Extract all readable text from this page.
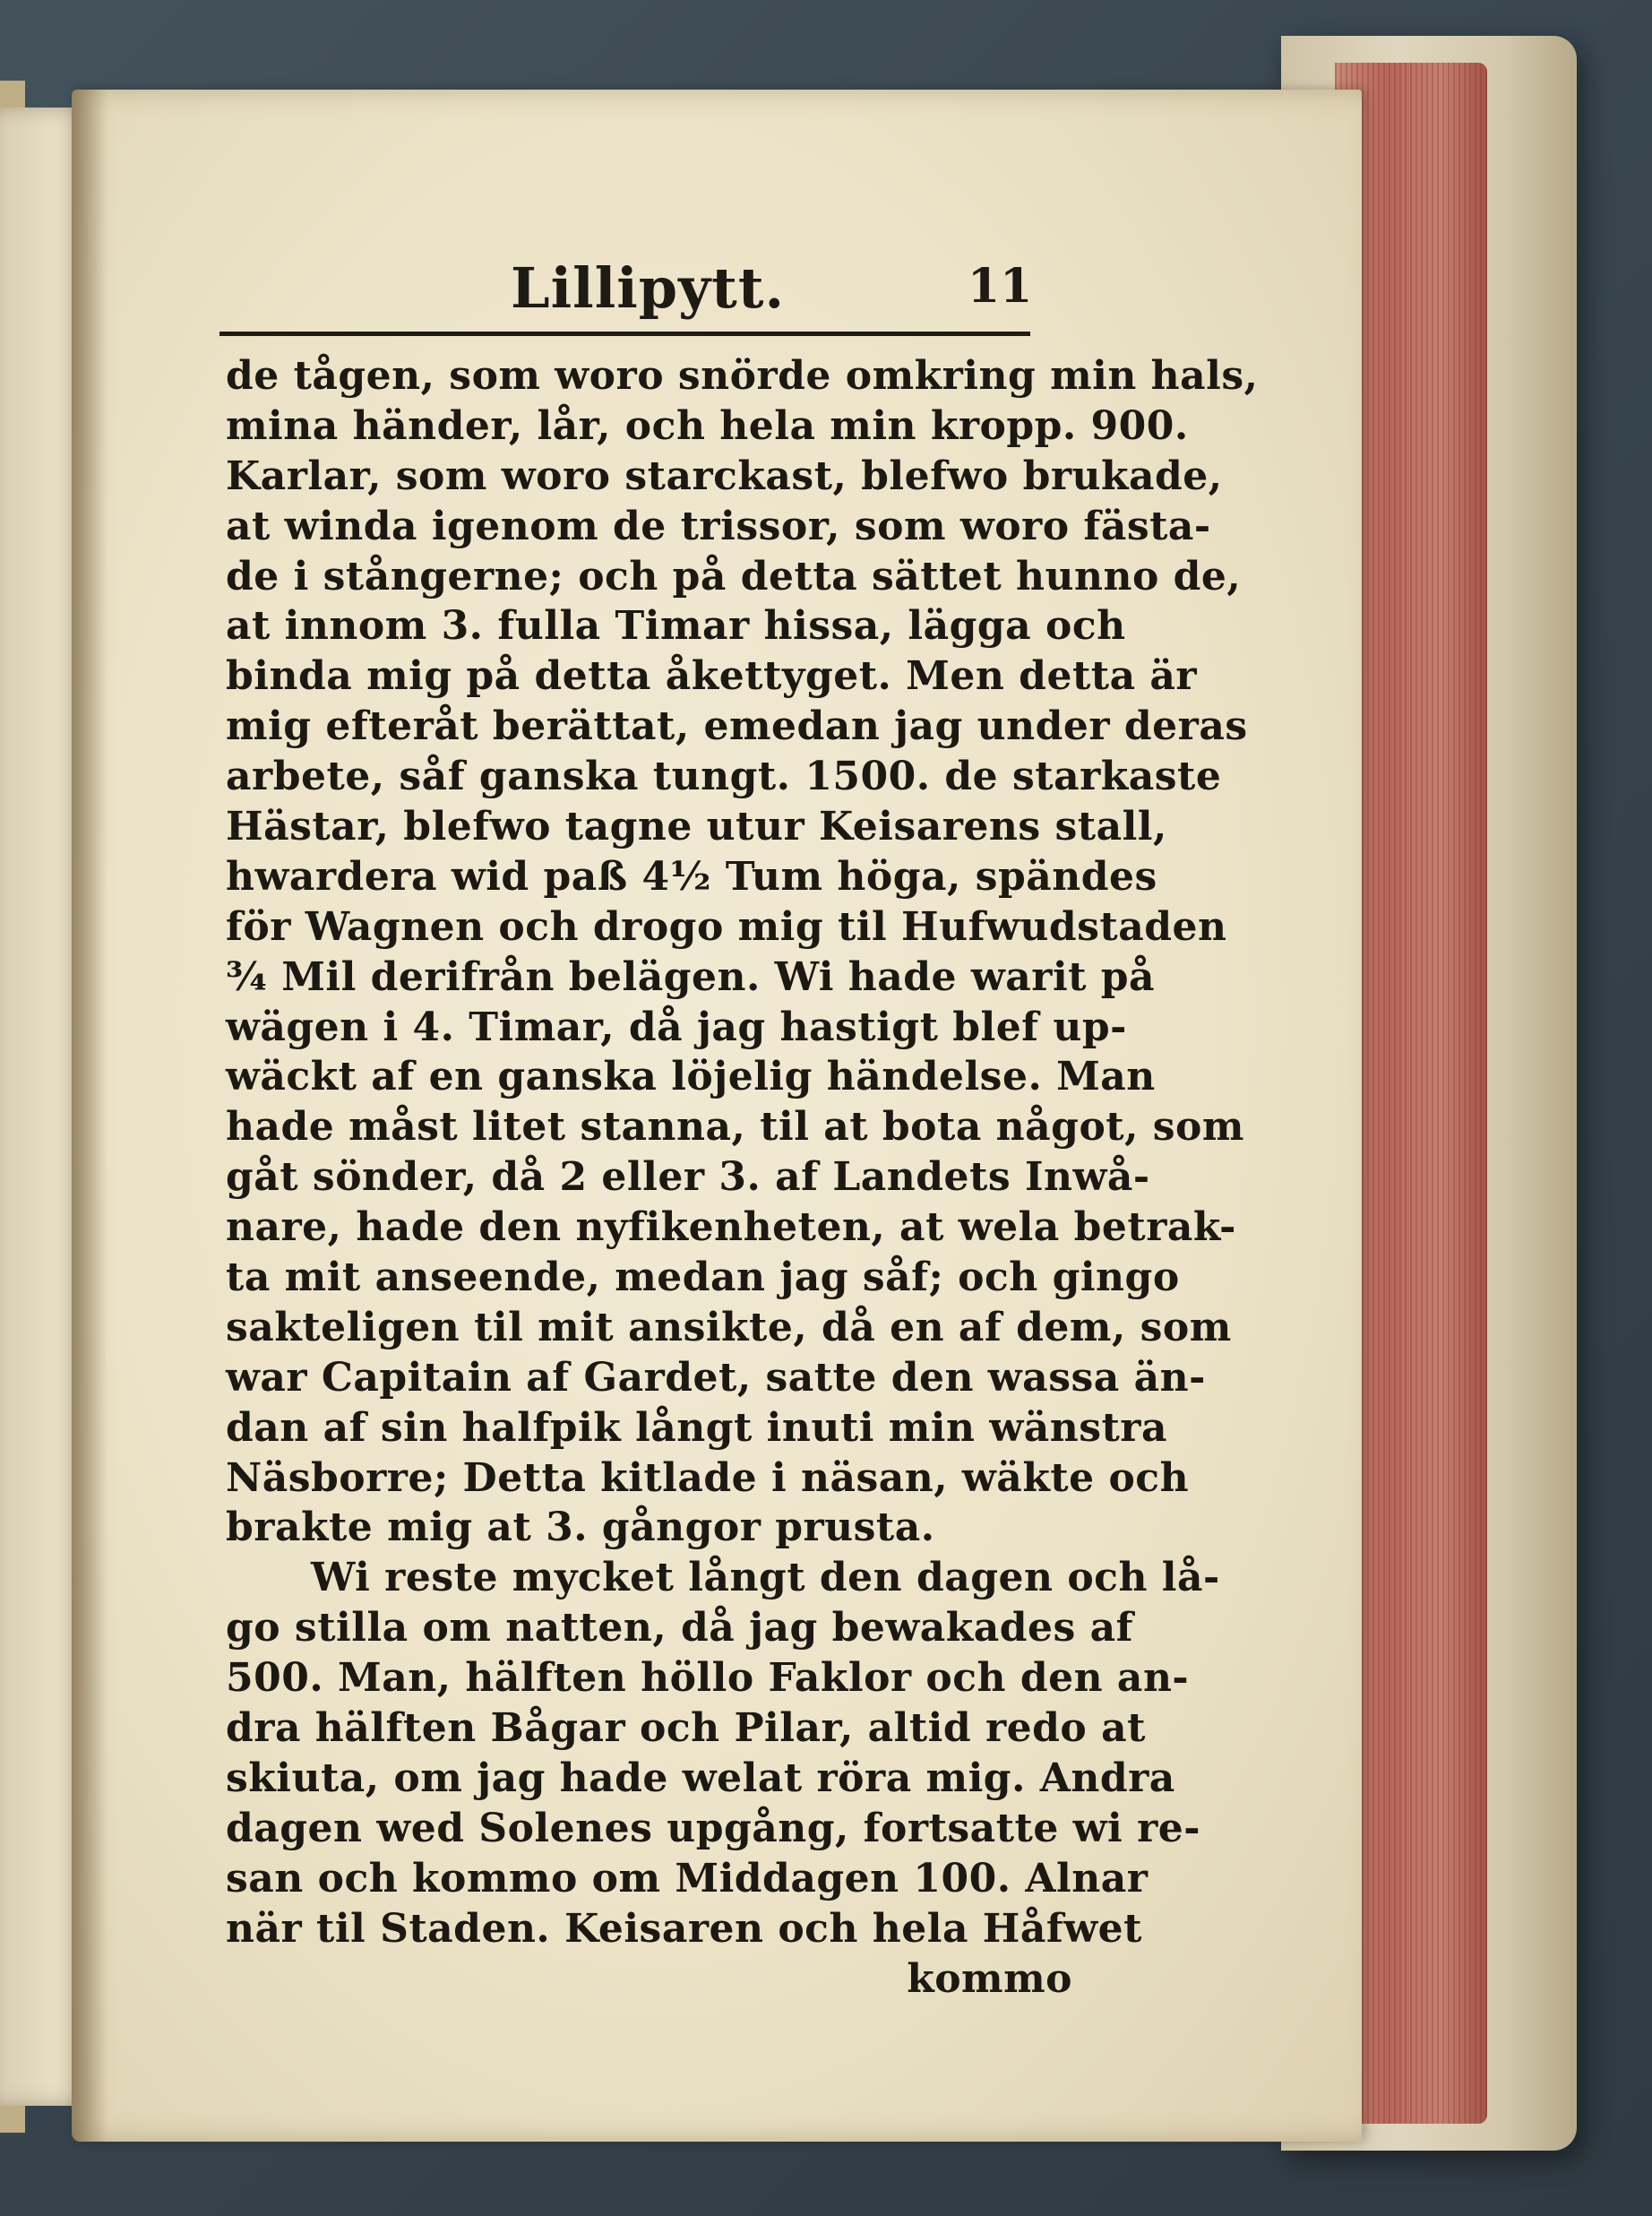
Lillipytt.	11
de tågen, som woro snörde omkring min hals,
mina händer, lår, och hela min kropp. 900.
Karlar, som woro starckast, blefwo brukade,
at winda igenom de trissor, som woro fästa-
de i stångerne; och på detta sättet hunno de,
at innom 3. fulla Timar hissa, lägga och
binda mig på detta åkettyget. Men detta är
mig efteråt berättat, emedan jag under deras
arbete, såf ganska tungt. 1500. de starkaste
Hästar, blefwo tagne utur Keisarens stall,
hwardera wid paß 4½ Tum höga, spändes
för Wagnen och drogo mig til Hufwudstaden
¾ Mil derifrån belägen. Wi hade warit på
wägen i 4. Timar, då jag hastigt blef up-
wäckt af en ganska löjelig händelse. Man
hade måst litet stanna, til at bota något, som
gåt sönder, då 2 eller 3. af Landets Inwå-
nare, hade den nyfikenheten, at wela betrak-
ta mit anseende, medan jag såf; och gingo
sakteligen til mit ansikte, då en af dem, som
war Capitain af Gardet, satte den wassa än-
dan af sin halfpik långt inuti min wänstra
Näsborre; Detta kitlade i näsan, wäkte och
brakte mig at 3. gångor prusta.
Wi reste mycket långt den dagen och lå-
go stilla om natten, då jag bewakades af
500. Man, hälften höllo Faklor och den an-
dra hälften Bågar och Pilar, altid redo at
skiuta, om jag hade welat röra mig. Andra
dagen wed Solenes upgång, fortsatte wi re-
san och kommo om Middagen 100. Alnar
när til Staden. Keisaren och hela Håfwet
kommo
